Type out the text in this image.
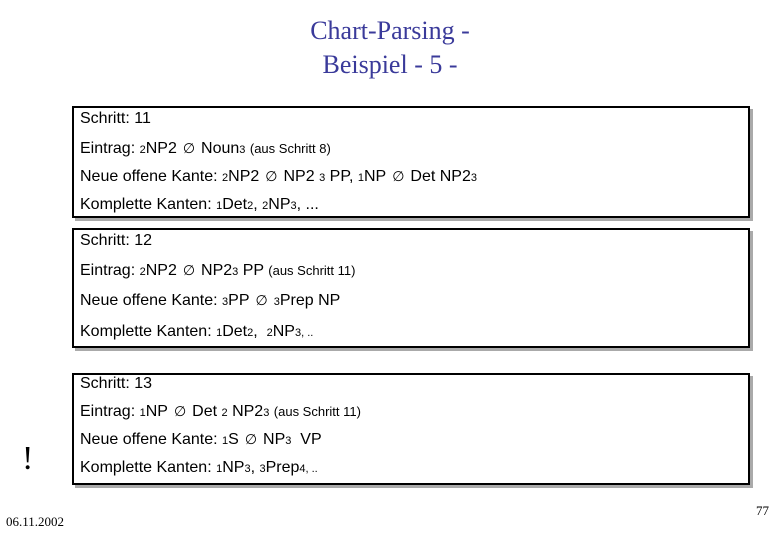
Chart-Parsing -
Beispiel - 5 -
Schritt: 11
Eintrag: 2NP2 ∅ Noun3 (aus Schritt 8)
Neue offene Kante: 2NP2 ∅ NP2 3 PP, 1NP ∅ Det NP23
Komplette Kanten: 1Det2, 2NP3, ...
Schritt: 12
Eintrag: 2NP2 ∅ NP23 PP (aus Schritt 11)
Neue offene Kante: 3PP ∅ 3Prep NP
Komplette Kanten: 1Det2,  2NP3, ..
Schritt: 13
Eintrag: 1NP ∅ Det 2 NP23 (aus Schritt 11)
Neue offene Kante: 1S ∅ NP3 VP
Komplette Kanten: 1NP3, 3Prep4, ..
!
06.11.2002
77
